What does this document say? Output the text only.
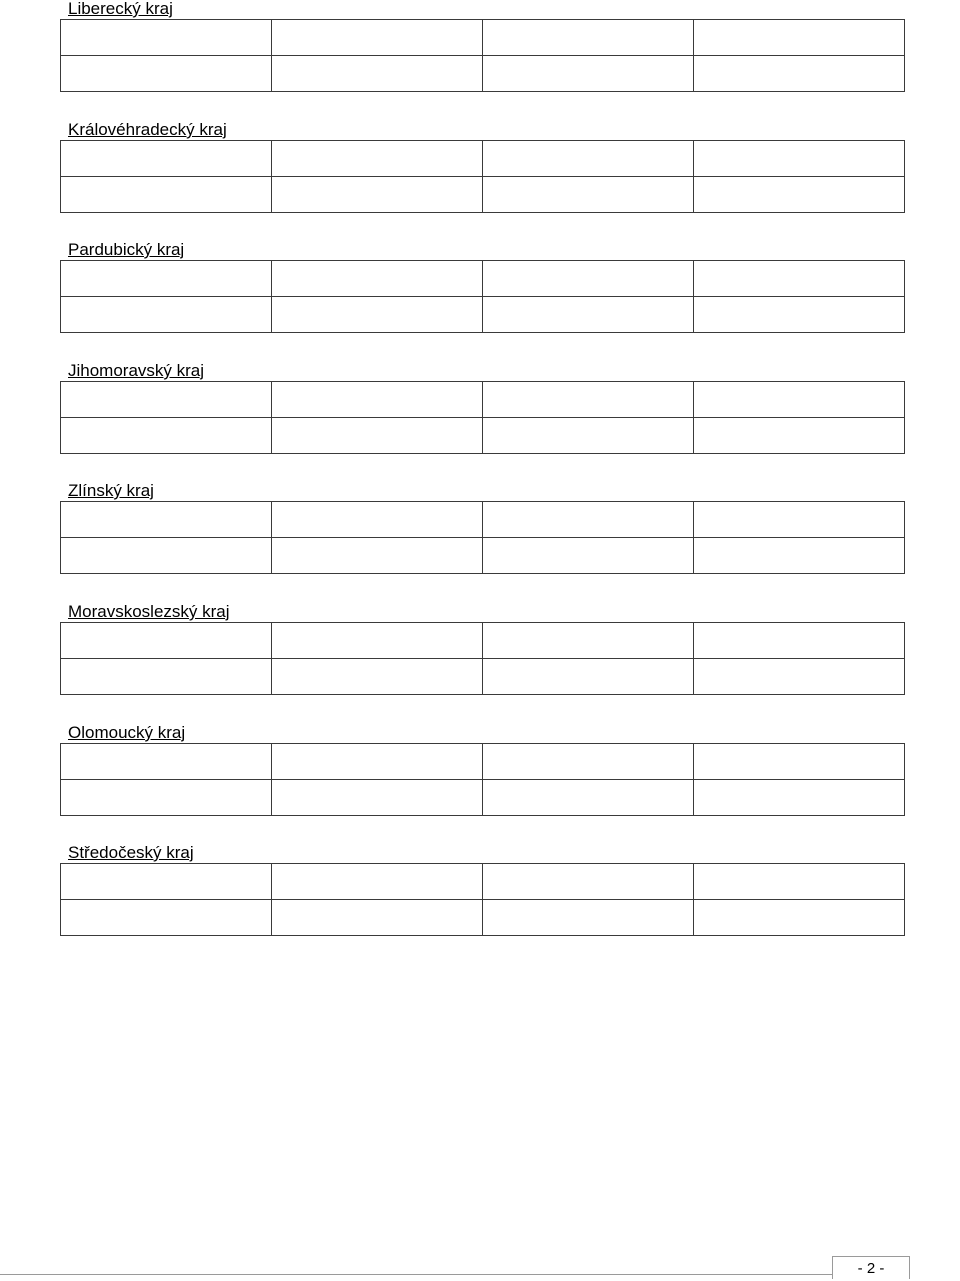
Liberecký kraj

Královéhradecký kraj

Pardubický kraj

Jihomoravský kraj

Zlínský kraj

Moravskoslezský kraj

Olomoucký kraj

Středočeský kraj

- 2 -
